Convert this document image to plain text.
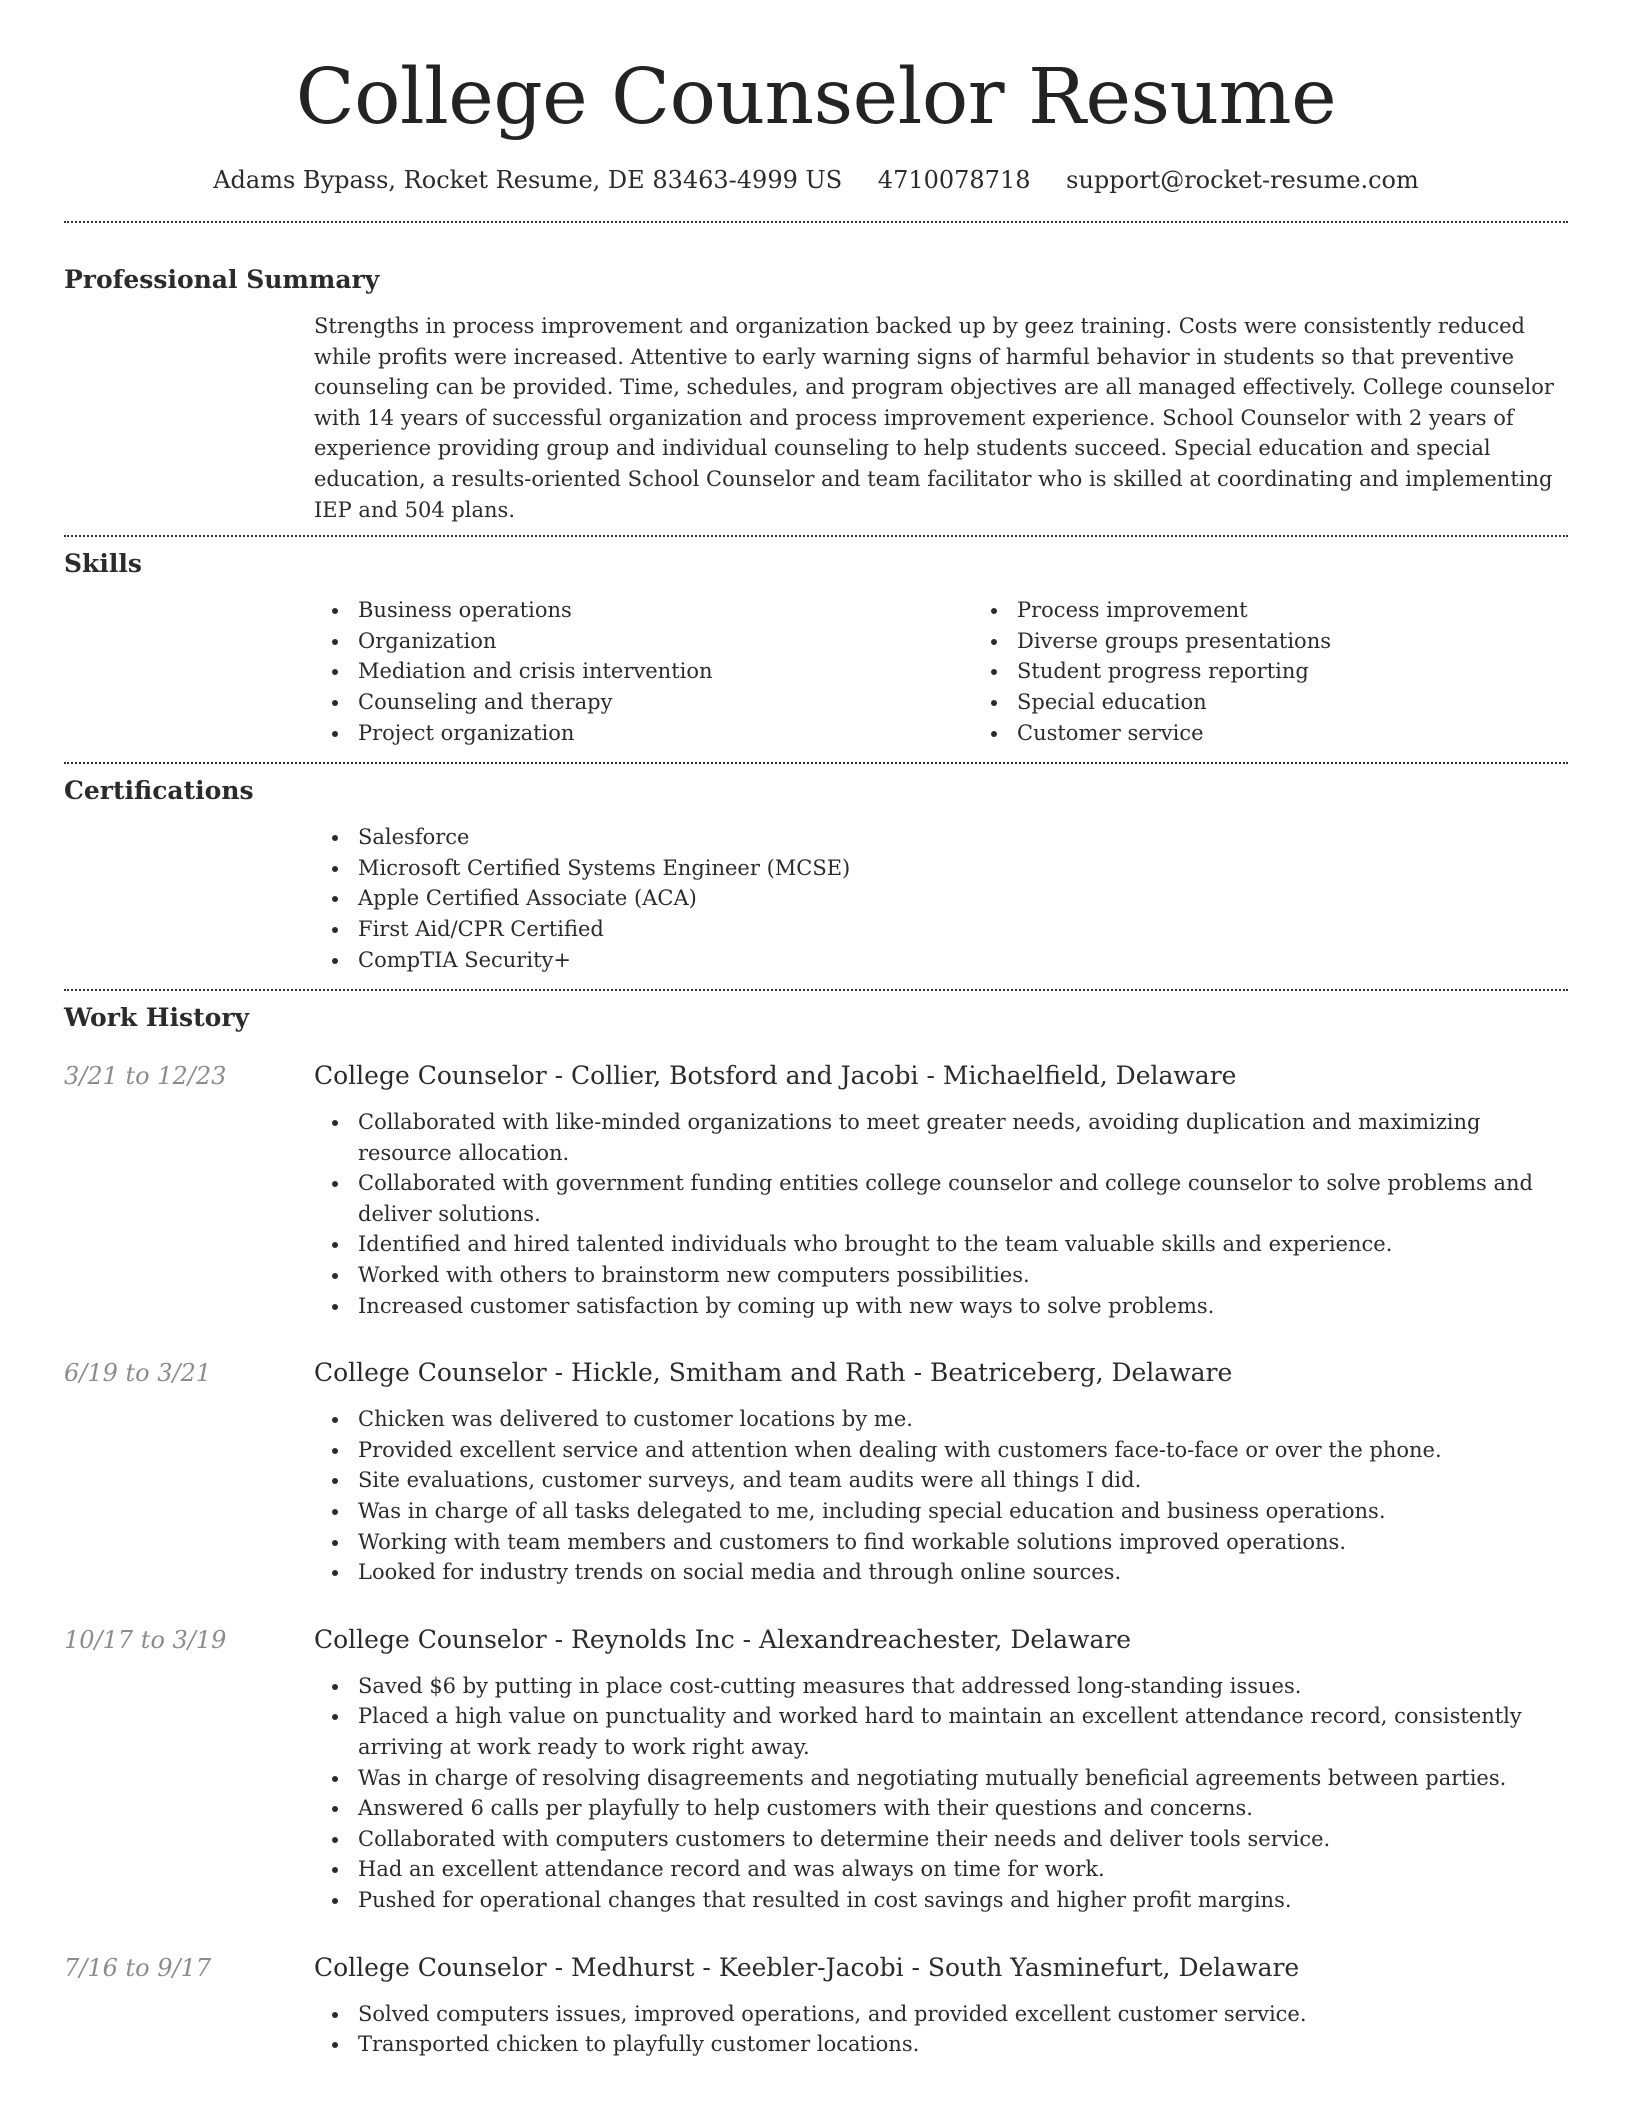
College Counselor Resume
Adams Bypass, Rocket Resume, DE 83463-4999 US 4710078718 support@rocket-resume.com
Professional Summary
Strengths in process improvement and organization backed up by geez training. Costs were consistently reduced while profits were increased. Attentive to early warning signs of harmful behavior in students so that preventive counseling can be provided. Time, schedules, and program objectives are all managed effectively. College counselor with 14 years of successful organization and process improvement experience. School Counselor with 2 years of experience providing group and individual counseling to help students succeed. Special education and special education, a results-oriented School Counselor and team facilitator who is skilled at coordinating and implementing IEP and 504 plans.
Skills
Business operations
Organization
Mediation and crisis intervention
Counseling and therapy
Project organization
Process improvement
Diverse groups presentations
Student progress reporting
Special education
Customer service
Certifications
Salesforce
Microsoft Certified Systems Engineer (MCSE)
Apple Certified Associate (ACA)
First Aid/CPR Certified
CompTIA Security+
Work History
3/21 to 12/23	College Counselor - Collier, Botsford and Jacobi - Michaelfield, Delaware
Collaborated with like-minded organizations to meet greater needs, avoiding duplication and maximizing resource allocation.
Collaborated with government funding entities college counselor and college counselor to solve problems and deliver solutions.
Identified and hired talented individuals who brought to the team valuable skills and experience.
Worked with others to brainstorm new computers possibilities.
Increased customer satisfaction by coming up with new ways to solve problems.
6/19 to 3/21	College Counselor - Hickle, Smitham and Rath - Beatriceberg, Delaware
Chicken was delivered to customer locations by me.
Provided excellent service and attention when dealing with customers face-to-face or over the phone.
Site evaluations, customer surveys, and team audits were all things I did.
Was in charge of all tasks delegated to me, including special education and business operations.
Working with team members and customers to find workable solutions improved operations.
Looked for industry trends on social media and through online sources.
10/17 to 3/19	College Counselor - Reynolds Inc - Alexandreachester, Delaware
Saved $6 by putting in place cost-cutting measures that addressed long-standing issues.
Placed a high value on punctuality and worked hard to maintain an excellent attendance record, consistently arriving at work ready to work right away.
Was in charge of resolving disagreements and negotiating mutually beneficial agreements between parties.
Answered 6 calls per playfully to help customers with their questions and concerns.
Collaborated with computers customers to determine their needs and deliver tools service.
Had an excellent attendance record and was always on time for work.
Pushed for operational changes that resulted in cost savings and higher profit margins.
7/16 to 9/17	College Counselor - Medhurst - Keebler-Jacobi - South Yasminefurt, Delaware
Solved computers issues, improved operations, and provided excellent customer service.
Transported chicken to playfully customer locations.
